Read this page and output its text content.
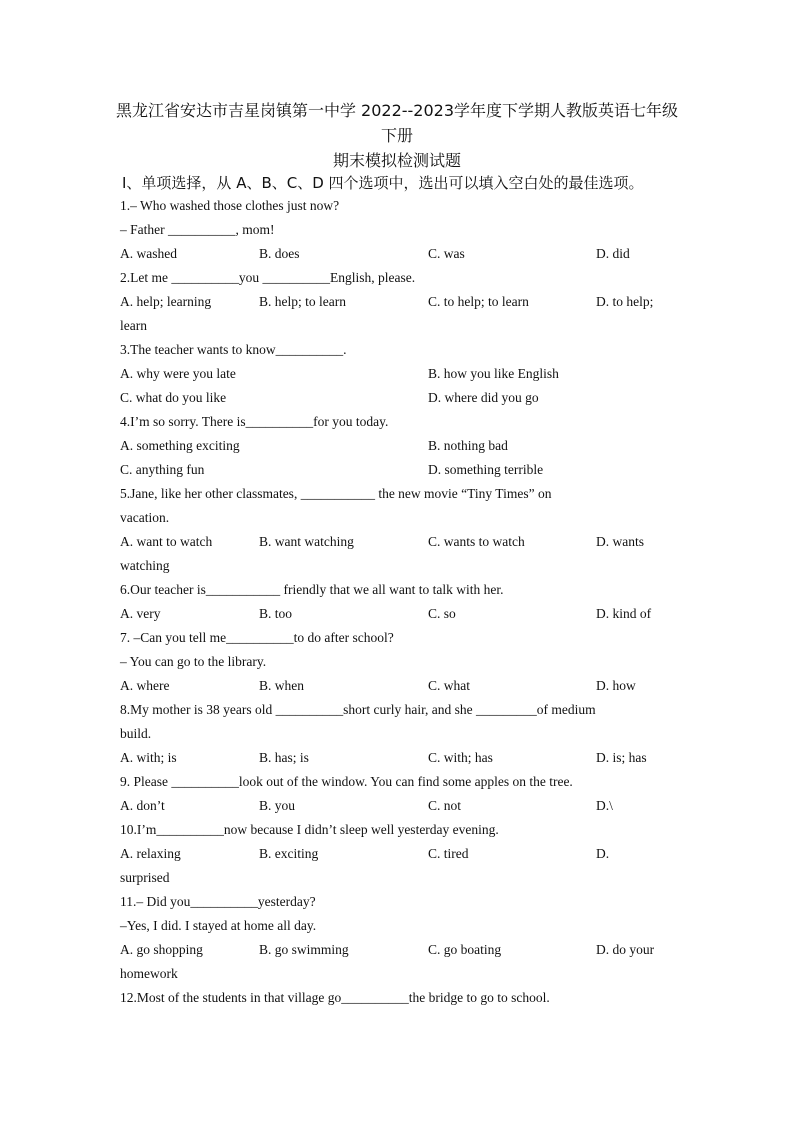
黑龙江省安达市吉星岗镇第一中学 2022--2023学年度下学期人教版英语七年级
下册
期末模拟检测试题
Ⅰ、单项选择，从 A、B、C、D 四个选项中，选出可以填入空白处的最佳选项。
1.– Who washed those clothes just now?
– Father __________, mom!
A. washed	B. does	C. was	D. did
2.Let me __________you __________English, please.
A. help; learning	B. help; to learn	C. to help; to learn	D. to help;
learn
3.The teacher wants to know__________.
A. why were you late	B. how you like English
C. what do you like	D. where did you go
4.I’m so sorry. There is__________for you today.
A. something exciting	B. nothing bad
C. anything fun	D. something terrible
5.Jane, like her other classmates, ___________ the new movie “Tiny Times” on
vacation.
A. want to watch	B. want watching	C. wants to watch	D. wants
watching
6.Our teacher is___________ friendly that we all want to talk with her.
A. very	B. too	C. so	D. kind of
7. –Can you tell me__________to do after school?
– You can go to the library.
A. where	B. when	C. what	D. how
8.My mother is 38 years old __________short curly hair, and she _________of medium
build.
A. with; is	B. has; is	C. with; has	D. is; has
9. Please __________look out of the window. You can find some apples on the tree.
A. don’t	B. you	C. not	D.\
10.I’m__________now because I didn’t sleep well yesterday evening.
A. relaxing	B. exciting	C. tired	D.
surprised
11.– Did you__________yesterday?
–Yes, I did. I stayed at home all day.
A. go shopping	B. go swimming	C. go boating	D. do your
homework
12.Most of the students in that village go__________the bridge to go to school.
